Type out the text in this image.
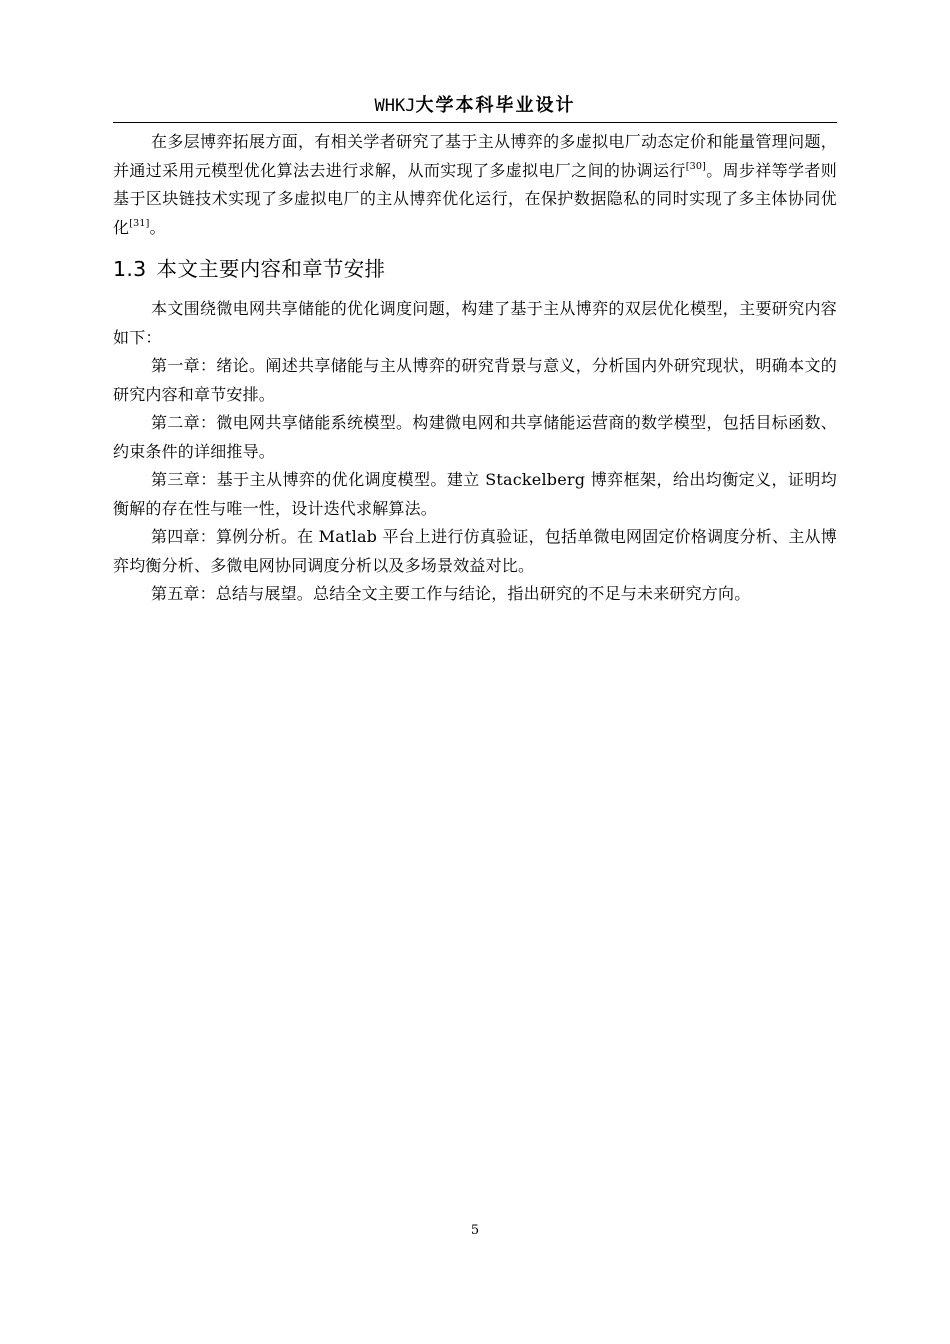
WHKJ大学本科毕业设计

在多层博弈拓展方面，有相关学者研究了基于主从博弈的多虚拟电厂动态定价和能量管理问题，并通过采用元模型优化算法去进行求解，从而实现了多虚拟电厂之间的协调运行[30]。周步祥等学者则基于区块链技术实现了多虚拟电厂的主从博弈优化运行，在保护数据隐私的同时实现了多主体协同优化[31]。

1.3 本文主要内容和章节安排

本文围绕微电网共享储能的优化调度问题，构建了基于主从博弈的双层优化模型，主要研究内容如下：

第一章：绪论。阐述共享储能与主从博弈的研究背景与意义，分析国内外研究现状，明确本文的研究内容和章节安排。

第二章：微电网共享储能系统模型。构建微电网和共享储能运营商的数学模型，包括目标函数、约束条件的详细推导。

第三章：基于主从博弈的优化调度模型。建立 Stackelberg 博弈框架，给出均衡定义，证明均衡解的存在性与唯一性，设计迭代求解算法。

第四章：算例分析。在 Matlab 平台上进行仿真验证，包括单微电网固定价格调度分析、主从博弈均衡分析、多微电网协同调度分析以及多场景效益对比。

第五章：总结与展望。总结全文主要工作与结论，指出研究的不足与未来研究方向。

5
